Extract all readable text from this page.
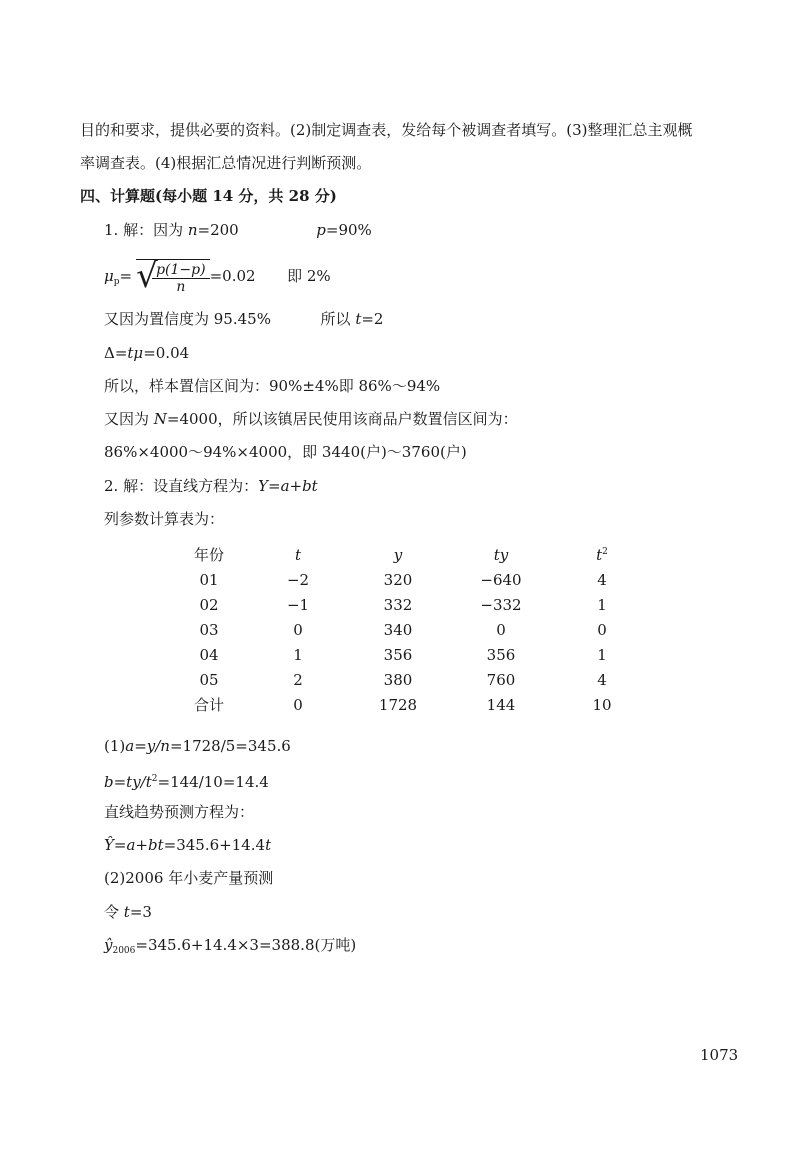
目的和要求，提供必要的资料。(2)制定调查表，发给每个被调查者填写。(3)整理汇总主观概
率调查表。(4)根据汇总情况进行判断预测。
四、计算题(每小题 14 分，共 28 分)
1. 解：因为 n=200	p=90%
$\mu_p=$ √
$\frac{p(1-p)}{n} =0.02$ 即 2%
又因为置信度为 95.45%	所以 t=2
Δ=tμ=0.04
所以，样本置信区间为：90%±4%即 86%～94%
又因为 N=4000，所以该镇居民使用该商品户数置信区间为：
86%×4000～94%×4000，即 3440(户)～3760(户)
2. 解：设直线方程为：Y=a+bt
列参数计算表为：
年份	t	y	ty	$t^2$
01	−2	320	−640	4
02	−1	332	−332	1
03	0	340	0	0
04	1	356	356	1
05	2	380	760	4
合计	0	1728	144	10
(1)a=y/n=1728/5=345.6
$b=ty/t^2=144/10=14.4$
直线趋势预测方程为：
Ŷ=a+bt=345.6+14.4t
(2)2006 年小麦产量预测
令 t=3
$ŷ_{2006}=345.6+14.4\times 3=388.8$(万吨)
1073
